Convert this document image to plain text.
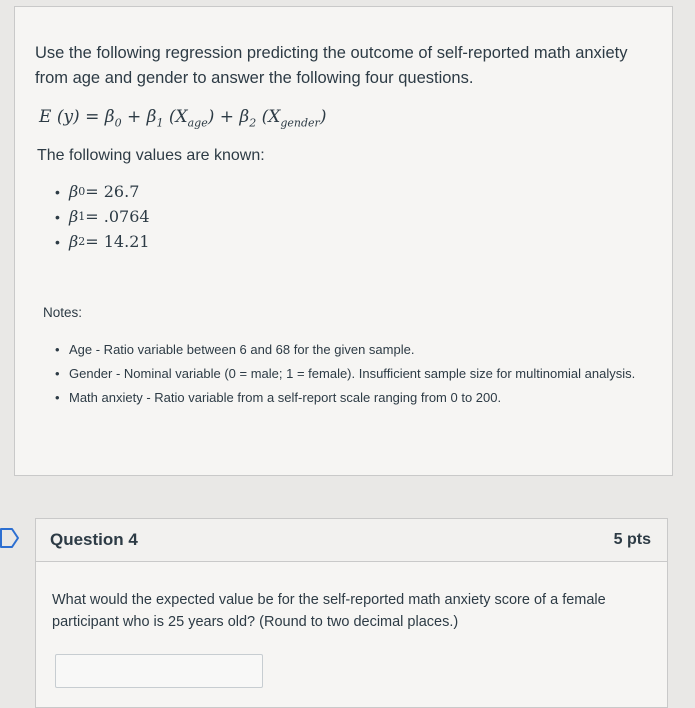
Use the following regression predicting the outcome of self-reported math anxiety from age and gender to answer the following four questions.
E $(y) = \beta_0 + \beta_1$ $(X_{age}) + \beta_2$ $(X_{gender})$
The following values are known:
• β 0 = 26.7
• β 1 = .0764
• β 2 = 14.21
Notes:
• Age - Ratio variable between 6 and 68 for the given sample.
• Gender - Nominal variable (0 = male; 1 = female). Insufficient sample size for multinomial analysis.
• Math anxiety - Ratio variable from a self-report scale ranging from 0 to 200.
Question 4	5 pts
What would the expected value be for the self-reported math anxiety score of a female participant who is 25 years old? (Round to two decimal places.)
